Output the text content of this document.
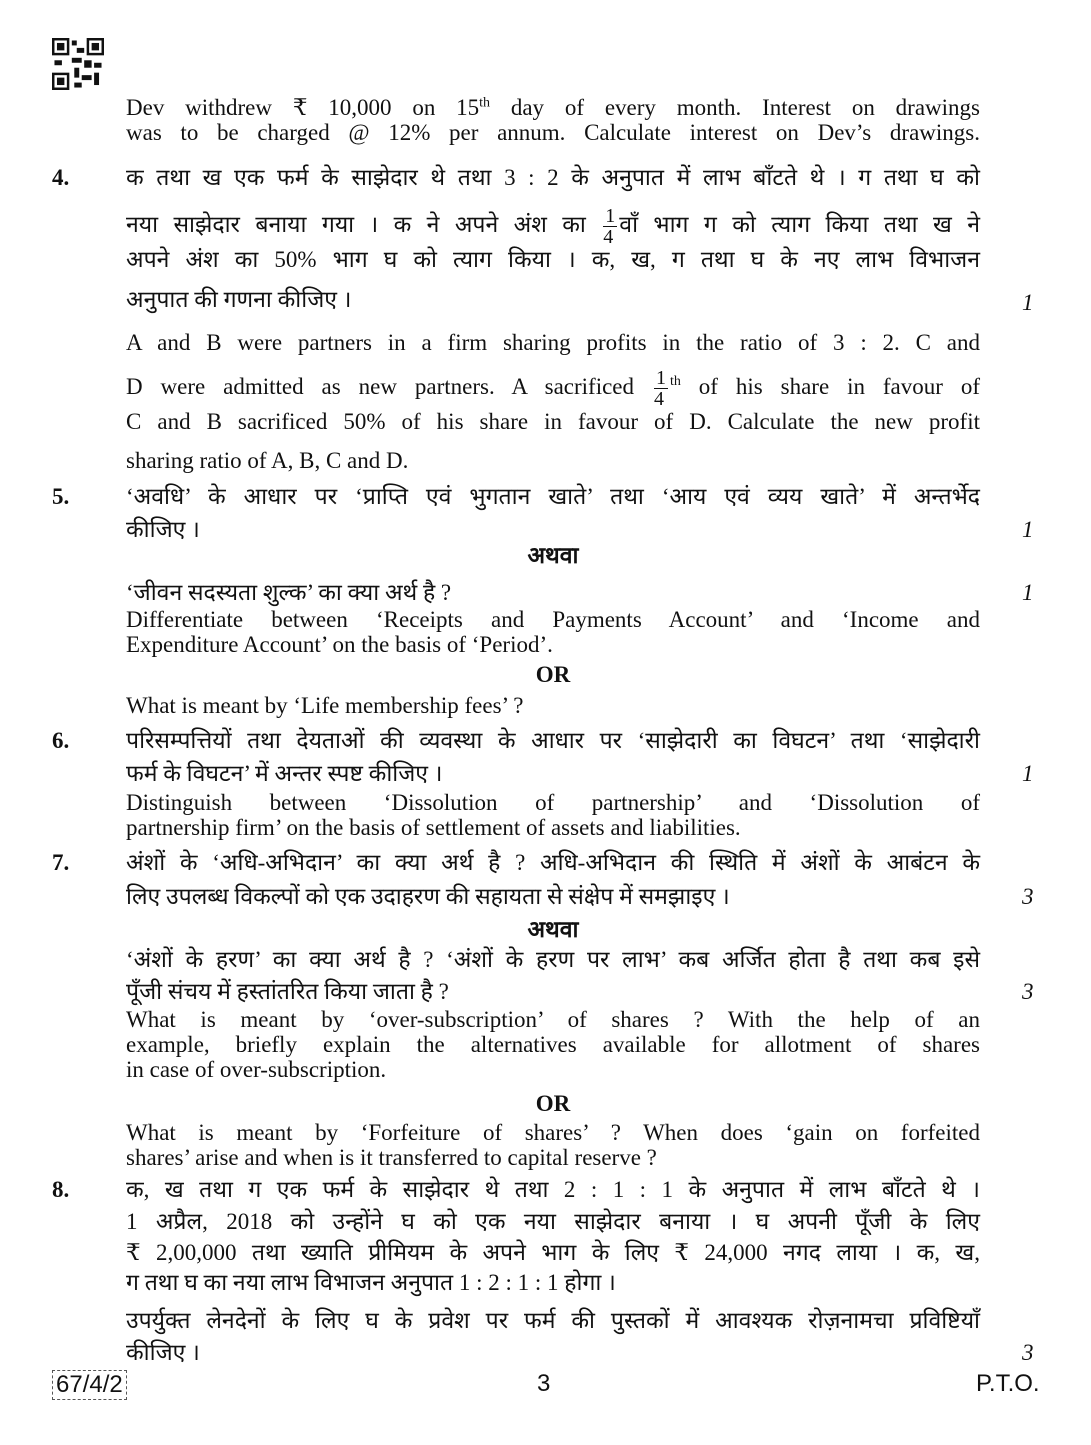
Dev withdrew ₹ 10,000 on 15th day of every month. Interest on drawings
was to be charged @ 12% per annum. Calculate interest on Dev’s drawings.
4. क तथा ख एक फर्म के साझेदार थे तथा 3 : 2 के अनुपात में लाभ बाँटते थे । ग तथा घ को
नया साझेदार बनाया गया । क ने अपने अंश का $\frac{1}{4}$ वाँ भाग ग को त्याग किया तथा ख ने
अपने अंश का 50% भाग घ को त्याग किया । क, ख, ग तथा घ के नए लाभ विभाजन
अनुपात की गणना कीजिए ।	1
A and B were partners in a firm sharing profits in the ratio of 3 : 2. C and
D were admitted as new partners. A sacrificed $\frac{1}{4} ^{th}$ of his share in favour of
C and B sacrificed 50% of his share in favour of D. Calculate the new profit
sharing ratio of A, B, C and D.
5. ‘अवधि’ के आधार पर ‘प्राप्ति एवं भुगतान खाते’ तथा ‘आय एवं व्यय खाते’ में अन्तर्भेद
कीजिए ।	1
अथवा
‘जीवन सदस्यता शुल्क’ का क्या अर्थ है ?	1
Differentiate between ‘Receipts and Payments Account’ and ‘Income and
Expenditure Account’ on the basis of ‘Period’.
OR
What is meant by ‘Life membership fees’ ?
6. परिसम्पत्तियों तथा देयताओं की व्यवस्था के आधार पर ‘साझेदारी का विघटन’ तथा ‘साझेदारी
फर्म के विघटन’ में अन्तर स्पष्ट कीजिए ।	1
Distinguish between ‘Dissolution of partnership’ and ‘Dissolution of
partnership firm’ on the basis of settlement of assets and liabilities.
7. अंशों के ‘अधि-अभिदान’ का क्या अर्थ है ? अधि-अभिदान की स्थिति में अंशों के आबंटन के
लिए उपलब्ध विकल्पों को एक उदाहरण की सहायता से संक्षेप में समझाइए ।	3
अथवा
‘अंशों के हरण’ का क्या अर्थ है ? ‘अंशों के हरण पर लाभ’ कब अर्जित होता है तथा कब इसे
पूँजी संचय में हस्तांतरित किया जाता है ?	3
What is meant by ‘over-subscription’ of shares ? With the help of an
example, briefly explain the alternatives available for allotment of shares
in case of over-subscription.
OR
What is meant by ‘Forfeiture of shares’ ? When does ‘gain on forfeited
shares’ arise and when is it transferred to capital reserve ?
8. क, ख तथा ग एक फर्म के साझेदार थे तथा 2 : 1 : 1 के अनुपात में लाभ बाँटते थे ।
1 अप्रैल, 2018 को उन्होंने घ को एक नया साझेदार बनाया । घ अपनी पूँजी के लिए
₹ 2,00,000 तथा ख्याति प्रीमियम के अपने भाग के लिए ₹ 24,000 नगद लाया । क, ख,
ग तथा घ का नया लाभ विभाजन अनुपात 1 : 2 : 1 : 1 होगा ।
उपर्युक्त लेनदेनों के लिए घ के प्रवेश पर फर्म की पुस्तकों में आवश्यक रोज़नामचा प्रविष्टियाँ
कीजिए ।	3
67/4/2	3	P.T.O.
